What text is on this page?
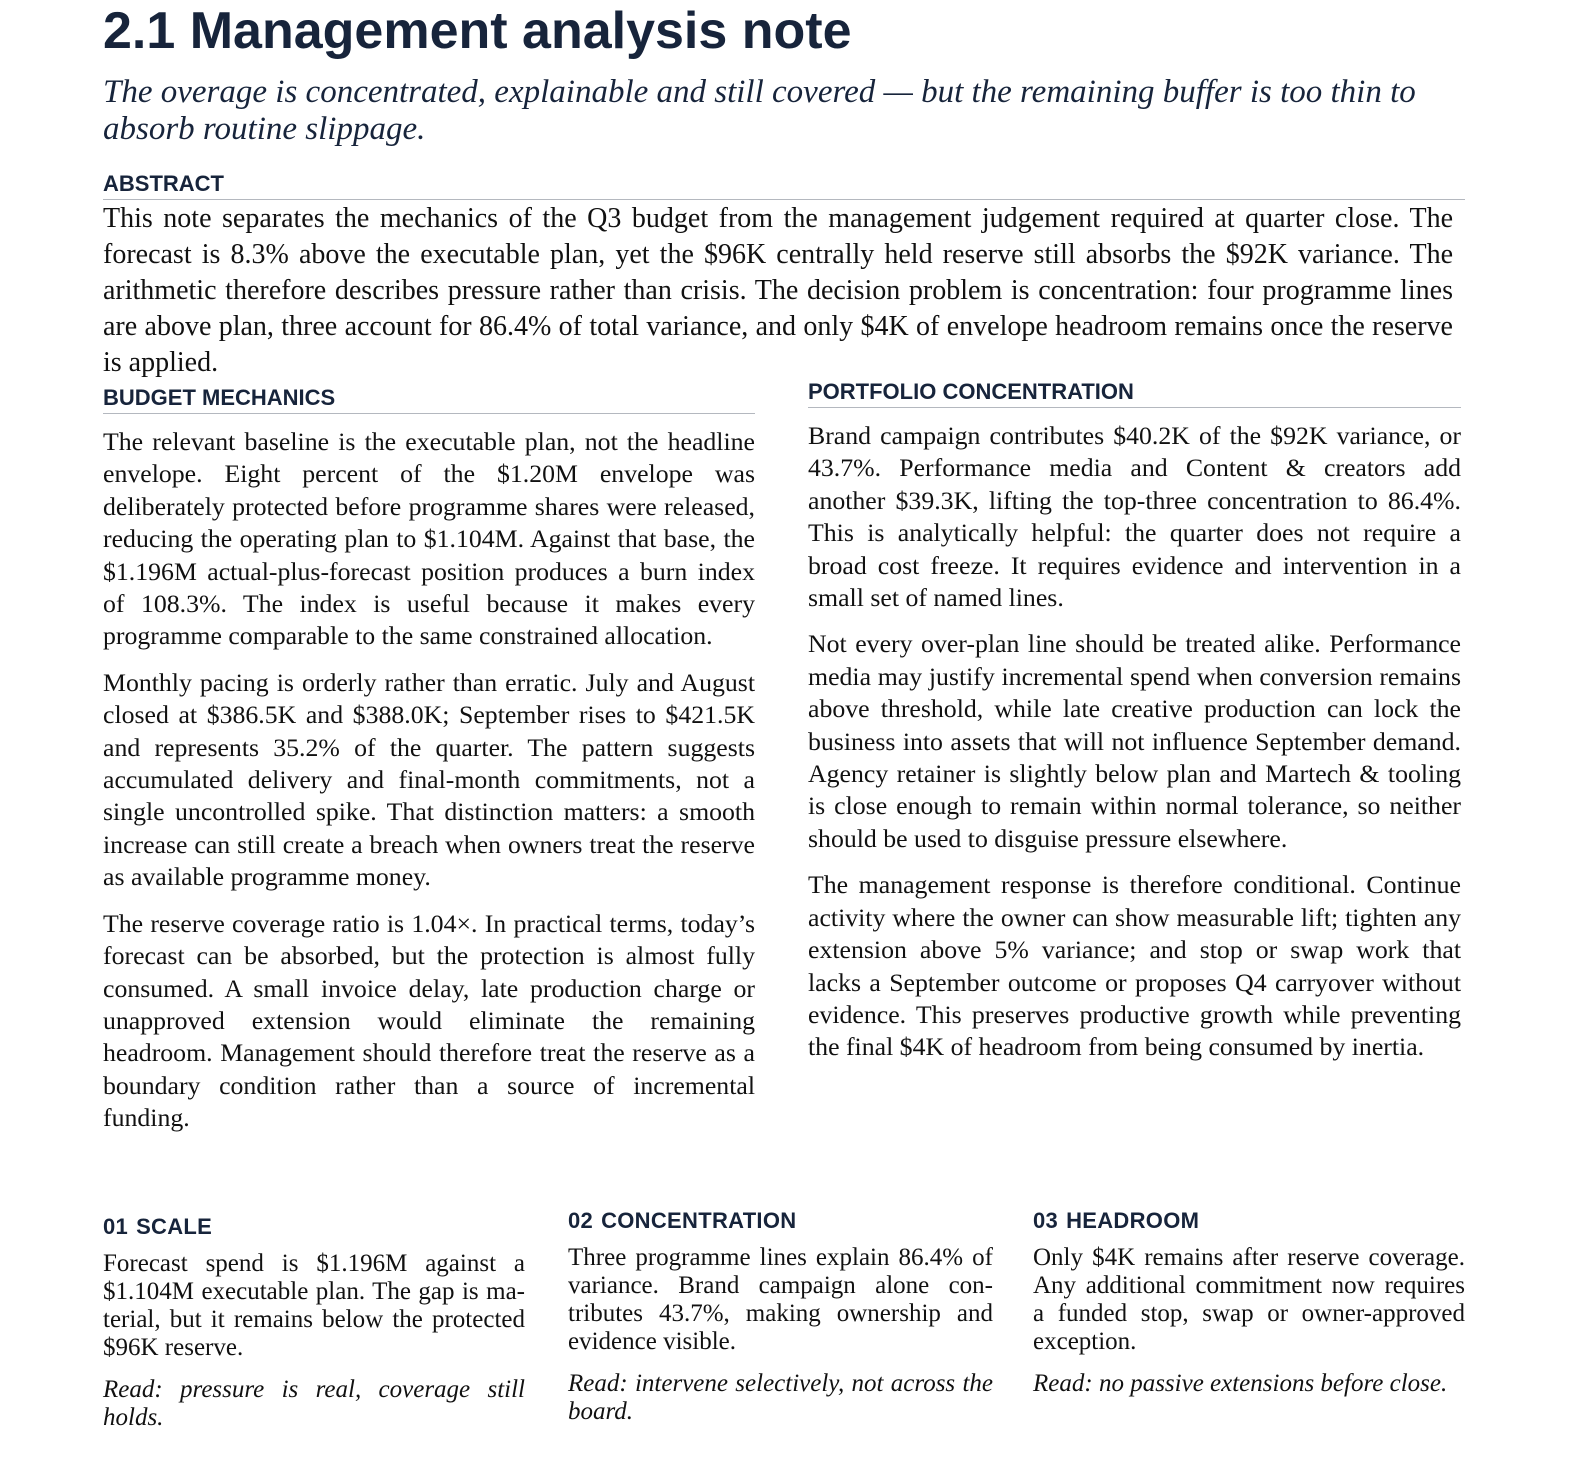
2.1 Management analysis note

The overage is concentrated, explainable and still covered — but the remaining buffer is too thin to absorb routine slippage.

ABSTRACT

This note separates the mechanics of the Q3 budget from the management judgement required at quarter close. The forecast is 8.3% above the executable plan, yet the $96K centrally held reserve still absorbs the $92K variance. The arithmetic therefore describes pressure rather than crisis. The decision problem is concentration: four programme lines are above plan, three account for 86.4% of total variance, and only $4K of envelope headroom remains once the reserve is applied.

BUDGET MECHANICS

The relevant baseline is the executable plan, not the headline envelope. Eight percent of the $1.20M envelope was deliberately protected before programme shares were released, reducing the operating plan to $1.104M. Against that base, the $1.196M actual-plus-forecast position produces a burn index of 108.3%. The index is useful because it makes every programme comparable to the same constrained allocation.

Monthly pacing is orderly rather than erratic. July and August closed at $386.5K and $388.0K; September rises to $421.5K and represents 35.2% of the quarter. The pattern suggests accumulated delivery and final-month commitments, not a single uncontrolled spike. That distinction matters: a smooth increase can still create a breach when owners treat the reserve as available programme money.

The reserve coverage ratio is 1.04×. In practical terms, today’s forecast can be absorbed, but the protection is almost fully consumed. A small invoice delay, late production charge or unapproved extension would eliminate the remaining headroom. Management should therefore treat the reserve as a boundary condition rather than a source of incremental funding.

PORTFOLIO CONCENTRATION

Brand campaign contributes $40.2K of the $92K variance, or 43.7%. Performance media and Content & creators add another $39.3K, lifting the top-three concentration to 86.4%. This is analytically helpful: the quarter does not require a broad cost freeze. It requires evidence and intervention in a small set of named lines.

Not every over-plan line should be treated alike. Performance media may justify incremental spend when conversion remains above threshold, while late creative production can lock the business into assets that will not influence September demand. Agency retainer is slightly below plan and Martech & tooling is close enough to remain within normal tolerance, so neither should be used to disguise pressure elsewhere.

The management response is therefore conditional. Continue activity where the owner can show measurable lift; tighten any extension above 5% variance; and stop or swap work that lacks a September outcome or proposes Q4 carryover without evidence. This preserves productive growth while preventing the final $4K of headroom from being consumed by inertia.

01 SCALE

Forecast spend is $1.196M against a $1.104M executable plan. The gap is material, but it remains below the protected $96K reserve.

Read: pressure is real, coverage still holds.

02 CONCENTRATION

Three programme lines explain 86.4% of variance. Brand campaign alone contributes 43.7%, making ownership and evidence visible.

Read: intervene selectively, not across the board.

03 HEADROOM

Only $4K remains after reserve coverage. Any additional commitment now requires a funded stop, swap or owner-approved exception.

Read: no passive extensions before close.
